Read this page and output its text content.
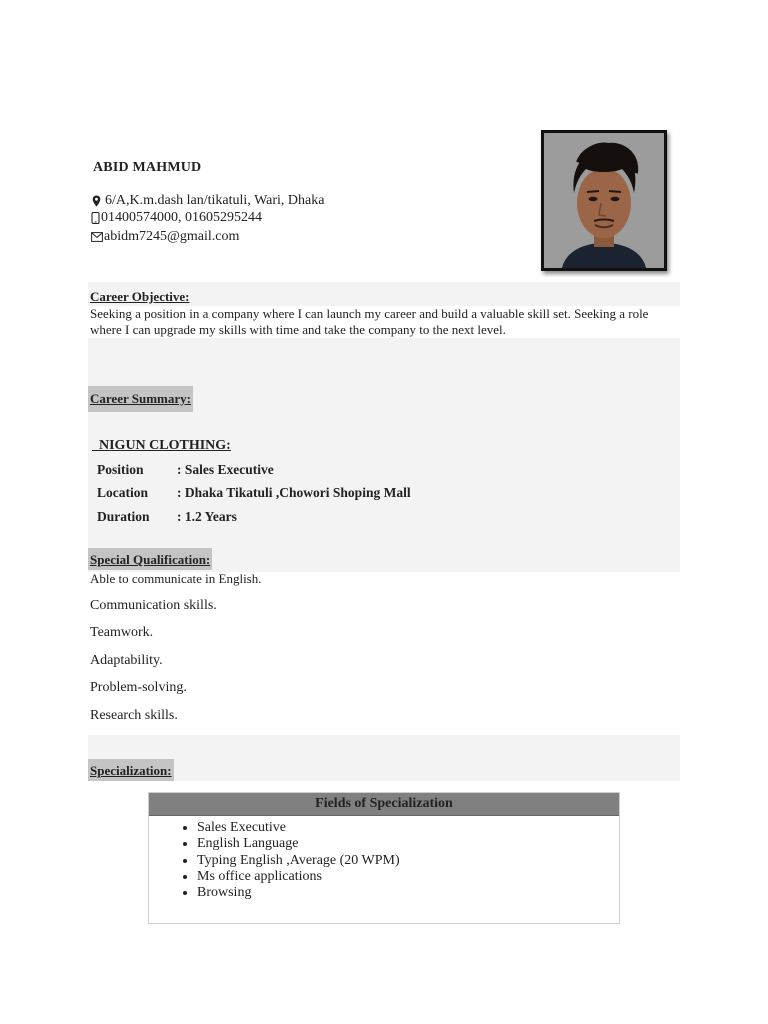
ABID MAHMUD
6/A,K.m.dash lan/tikatuli, Wari, Dhaka
01400574000, 01605295244
abidm7245@gmail.com
Career Objective:
Seeking a position in a company where I can launch my career and build a valuable skill set. Seeking a role where I can upgrade my skills with time and take the company to the next level.
Career Summary:
NIGUN CLOTHING:
Position : Sales Executive
Location : Dhaka Tikatuli ,Chowori Shoping Mall
Duration : 1.2 Years
Special Qualification:
Able to communicate in English.
Communication skills.
Teamwork.
Adaptability.
Problem-solving.
Research skills.
Specialization:
Fields of Specialization
• Sales Executive
• English Language
• Typing English ,Average (20 WPM)
• Ms office applications
• Browsing
